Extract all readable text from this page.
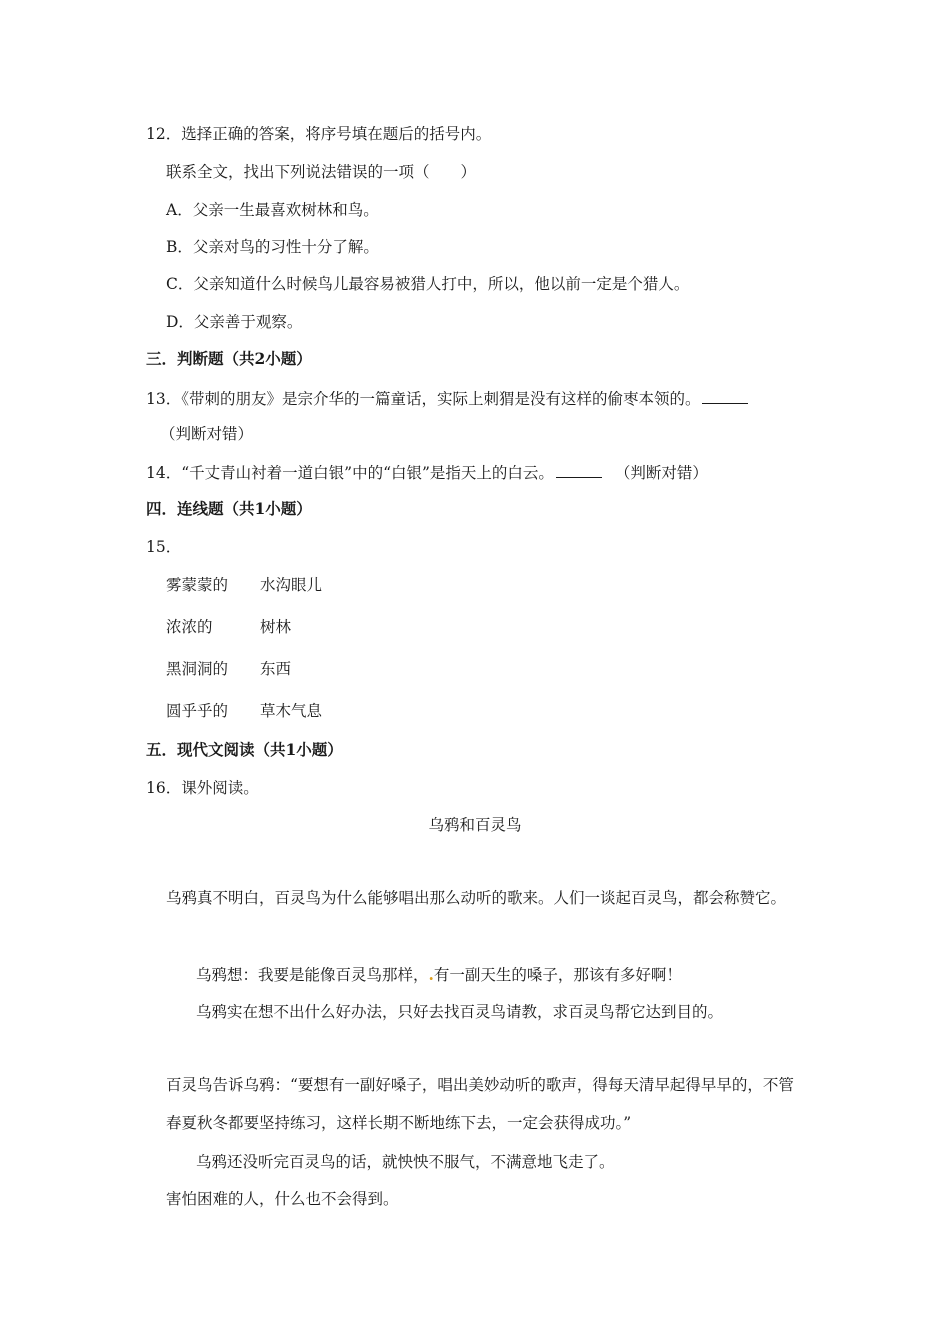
12．选择正确的答案，将序号填在题后的括号内。
联系全文，找出下列说法错误的一项（　　）
A．父亲一生最喜欢树林和鸟。
B．父亲对鸟的习性十分了解。
C．父亲知道什么时候鸟儿最容易被猎人打中，所以，他以前一定是个猎人。
D．父亲善于观察。
三．判断题（共2小题）
13．《带刺的朋友》是宗介华的一篇童话，实际上刺猬是没有这样的偷枣本领的。
（判断对错）
14．“千丈青山衬着一道白银”中的“白银”是指天上的白云。	（判断对错）
四．连线题（共1小题）
15．
雾蒙蒙的 水沟眼儿
浓浓的	树林
黑洞洞的 东西
圆乎乎的 草木气息
五．现代文阅读（共1小题）
16．课外阅读。
乌鸦和百灵鸟
乌鸦真不明白，百灵鸟为什么能够唱出那么动听的歌来。人们一谈起百灵鸟，都会称赞它。
乌鸦想：我要是能像百灵鸟那样，.有一副天生的嗓子，那该有多好啊！
乌鸦实在想不出什么好办法，只好去找百灵鸟请教，求百灵鸟帮它达到目的。
百灵鸟告诉乌鸦：“要想有一副好嗓子，唱出美妙动听的歌声，得每天清早起得早早的，不管春夏秋冬都要坚持练习，这样长期不断地练下去，一定会获得成功。”
乌鸦还没听完百灵鸟的话，就怏怏不服气，不满意地飞走了。
害怕困难的人，什么也不会得到。
